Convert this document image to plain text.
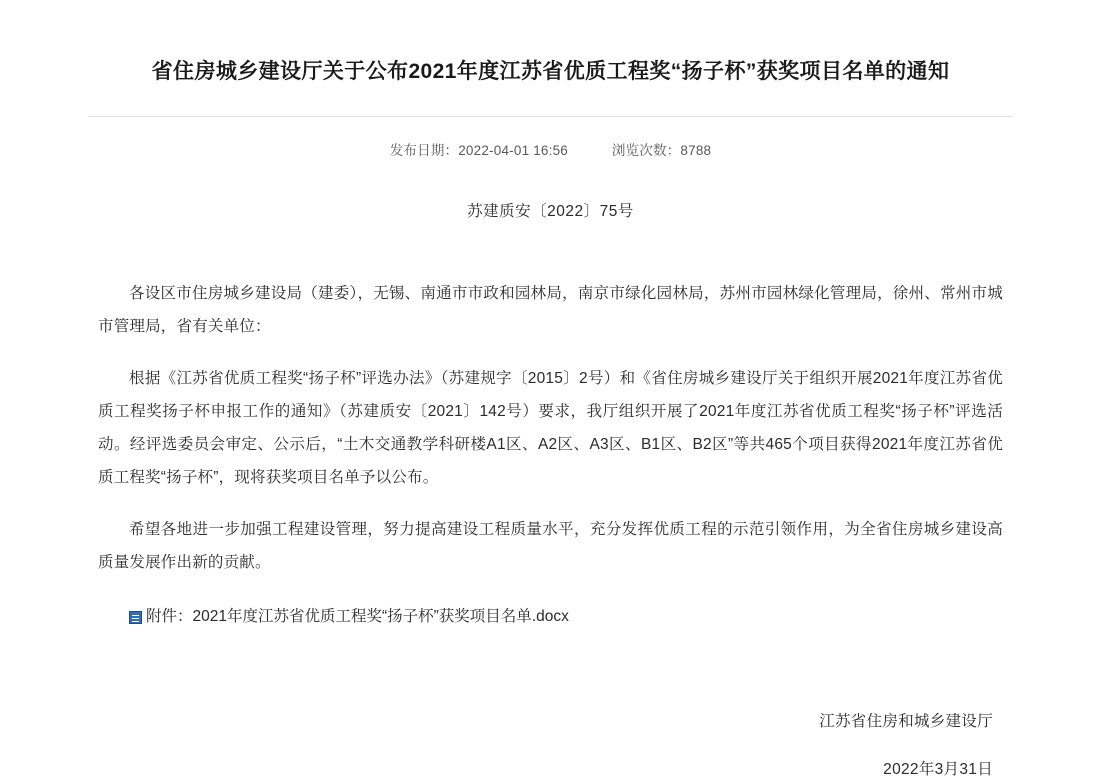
省住房城乡建设厅关于公布2021年度江苏省优质工程奖“扬子杯”获奖项目名单的通知
发布日期：2022-04-01 16:56	浏览次数：8788
苏建质安〔2022〕75号

各设区市住房城乡建设局（建委），无锡、南通市市政和园林局，南京市绿化园林局，苏州市园林绿化管理局，徐州、常州市城市管理局，省有关单位：

根据《江苏省优质工程奖“扬子杯”评选办法》（苏建规字〔2015〕2号）和《省住房城乡建设厅关于组织开展2021年度江苏省优质工程奖扬子杯申报工作的通知》（苏建质安〔2021〕142号）要求，我厅组织开展了2021年度江苏省优质工程奖“扬子杯”评选活动。经评选委员会审定、公示后，“土木交通教学科研楼A1区、A2区、A3区、B1区、B2区”等共465个项目获得2021年度江苏省优质工程奖“扬子杯”，现将获奖项目名单予以公布。

希望各地进一步加强工程建设管理，努力提高建设工程质量水平，充分发挥优质工程的示范引领作用，为全省住房城乡建设高质量发展作出新的贡献。

附件：2021年度江苏省优质工程奖“扬子杯”获奖项目名单.docx
江苏省住房和城乡建设厅
2022年3月31日
